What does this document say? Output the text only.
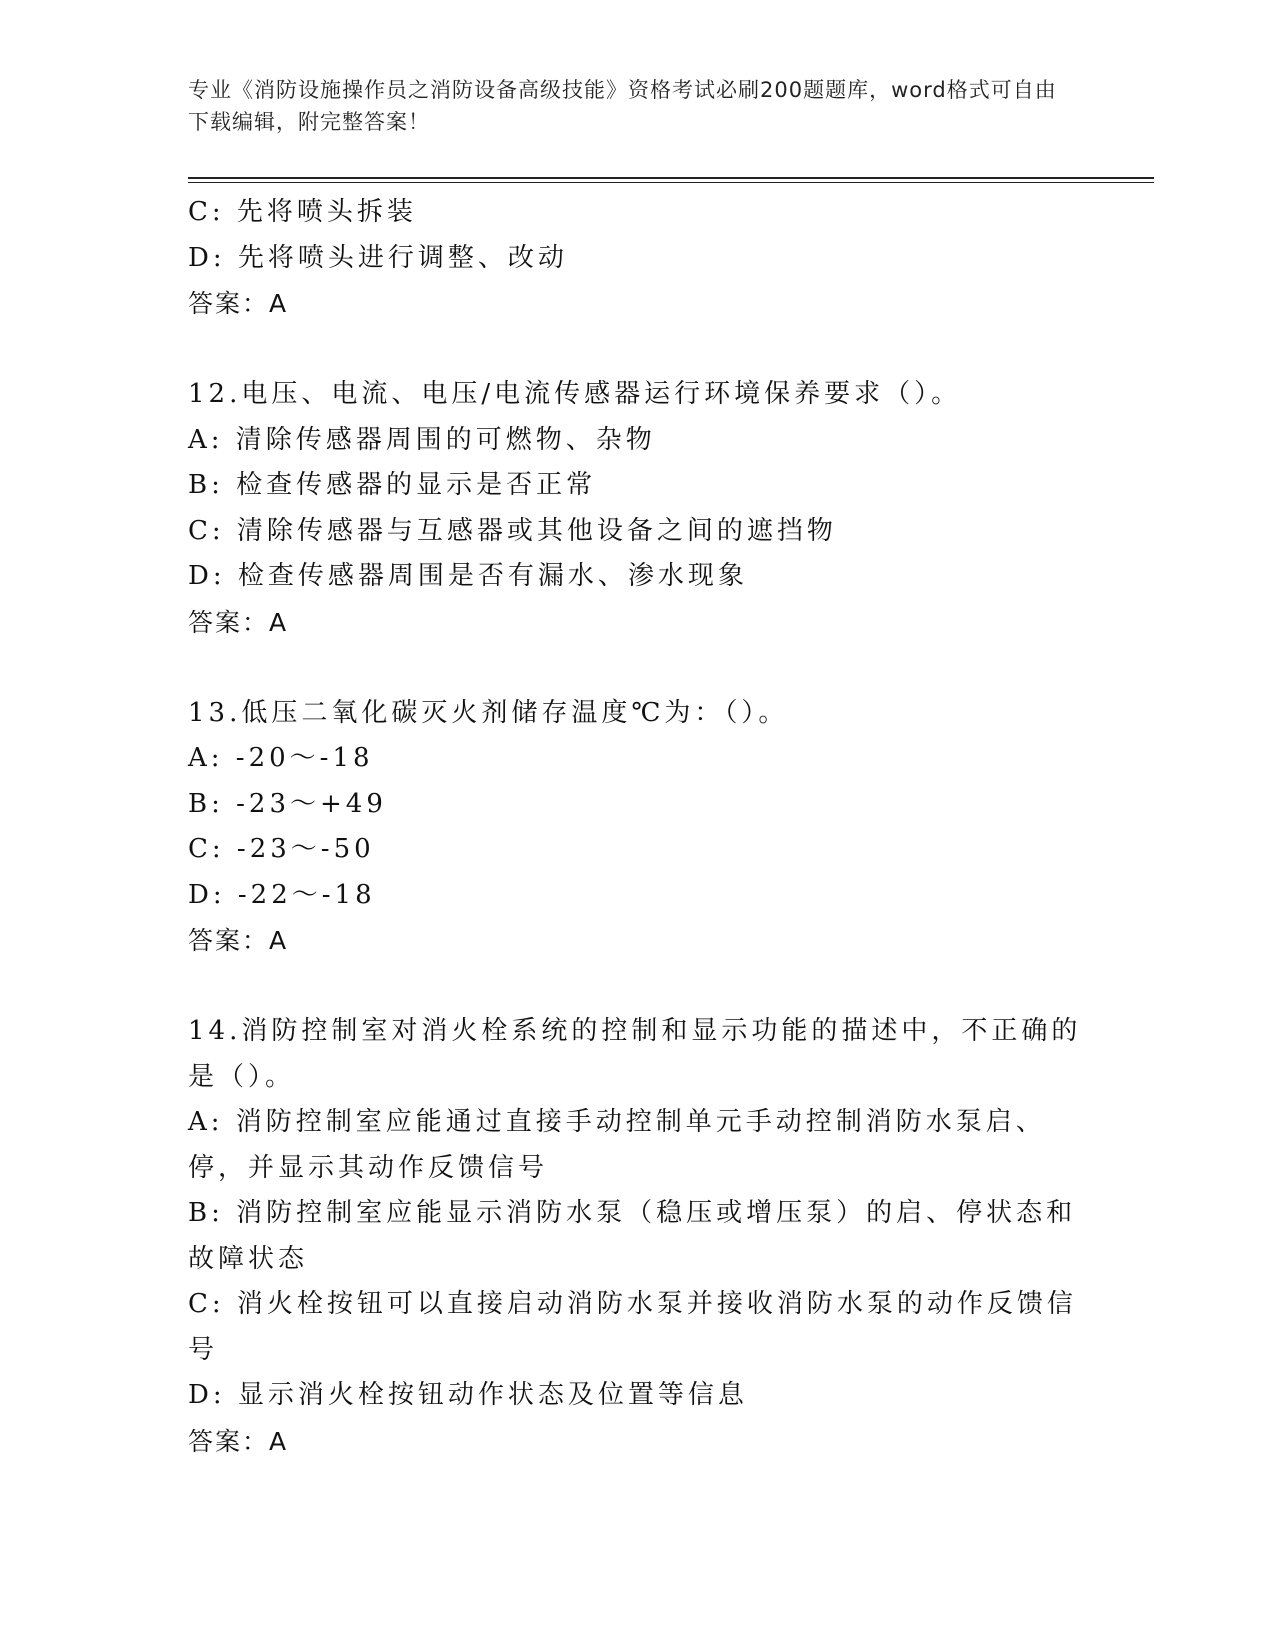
专业《消防设施操作员之消防设备高级技能》资格考试必刷200题题库，word格式可自由下载编辑，附完整答案！
C: 先将喷头拆装
D: 先将喷头进行调整、改动
答案：A
12.电压、电流、电压/电流传感器运行环境保养要求（）。
A: 清除传感器周围的可燃物、杂物
B: 检查传感器的显示是否正常
C: 清除传感器与互感器或其他设备之间的遮挡物
D: 检查传感器周围是否有漏水、渗水现象
答案：A
13.低压二氧化碳灭火剂储存温度℃为：（）。
A: -20～-18
B: -23～+49
C: -23～-50
D: -22～-18
答案：A
14.消防控制室对消火栓系统的控制和显示功能的描述中，不正确的是（）。
A: 消防控制室应能通过直接手动控制单元手动控制消防水泵启、停，并显示其动作反馈信号
B: 消防控制室应能显示消防水泵（稳压或增压泵）的启、停状态和故障状态
C: 消火栓按钮可以直接启动消防水泵并接收消防水泵的动作反馈信号
D: 显示消火栓按钮动作状态及位置等信息
答案：A
